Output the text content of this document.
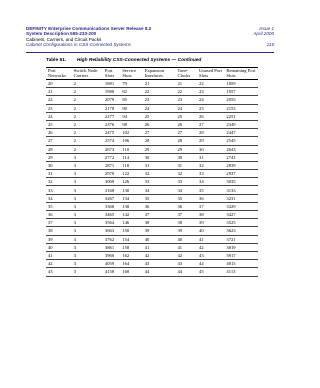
DEFINITY Enterprise Communications Server Release 8.2
System Description 555-233-200
Cabinets, Carriers, and Circuit Packs
Cabinet Configurations in CSS-Connected Systems
Issue 1
April 2000
116
Table 51. High Reliability CSS-Connected Systems — Continued
Port Networks	Switch Node Carriers	Port Slots	Service Slots	Expansion Interfaces	Tone-Clocks	Unused Port Slots	Remaining Port Slots
20	2	1881	79	21	21	22	1859
21	2	1980	82	22	22	23	1957
22	2	2079	85	23	23	24	2055
23	2	2178	90	24	24	25	2153
24	2	2277	94	25	25	26	2251
25	2	2376	98	26	26	27	2349
26	2	2475	102	27	27	28	2447
27	2	2574	106	28	28	29	2545
28	2	2673	110	29	29	30	2643
29	3	2772	114	30	30	31	2741
30	3	2871	118	31	31	32	2839
31	3	2970	122	32	32	33	2937
32	3	3069	126	33	33	34	3035
33	3	3168	130	34	34	35	3133
34	3	3267	134	35	35	36	3231
35	3	3366	138	36	36	37	3329
36	3	3465	142	37	37	38	3427
37	3	3564	146	38	38	39	3525
38	3	3663	150	39	39	40	3623
39	3	3762	154	40	40	41	3721
40	3	3861	158	41	41	42	3819
41	3	3960	162	42	42	43	3917
42	3	4059	164	43	43	44	4015
43	3	4158	168	44	44	45	4113
